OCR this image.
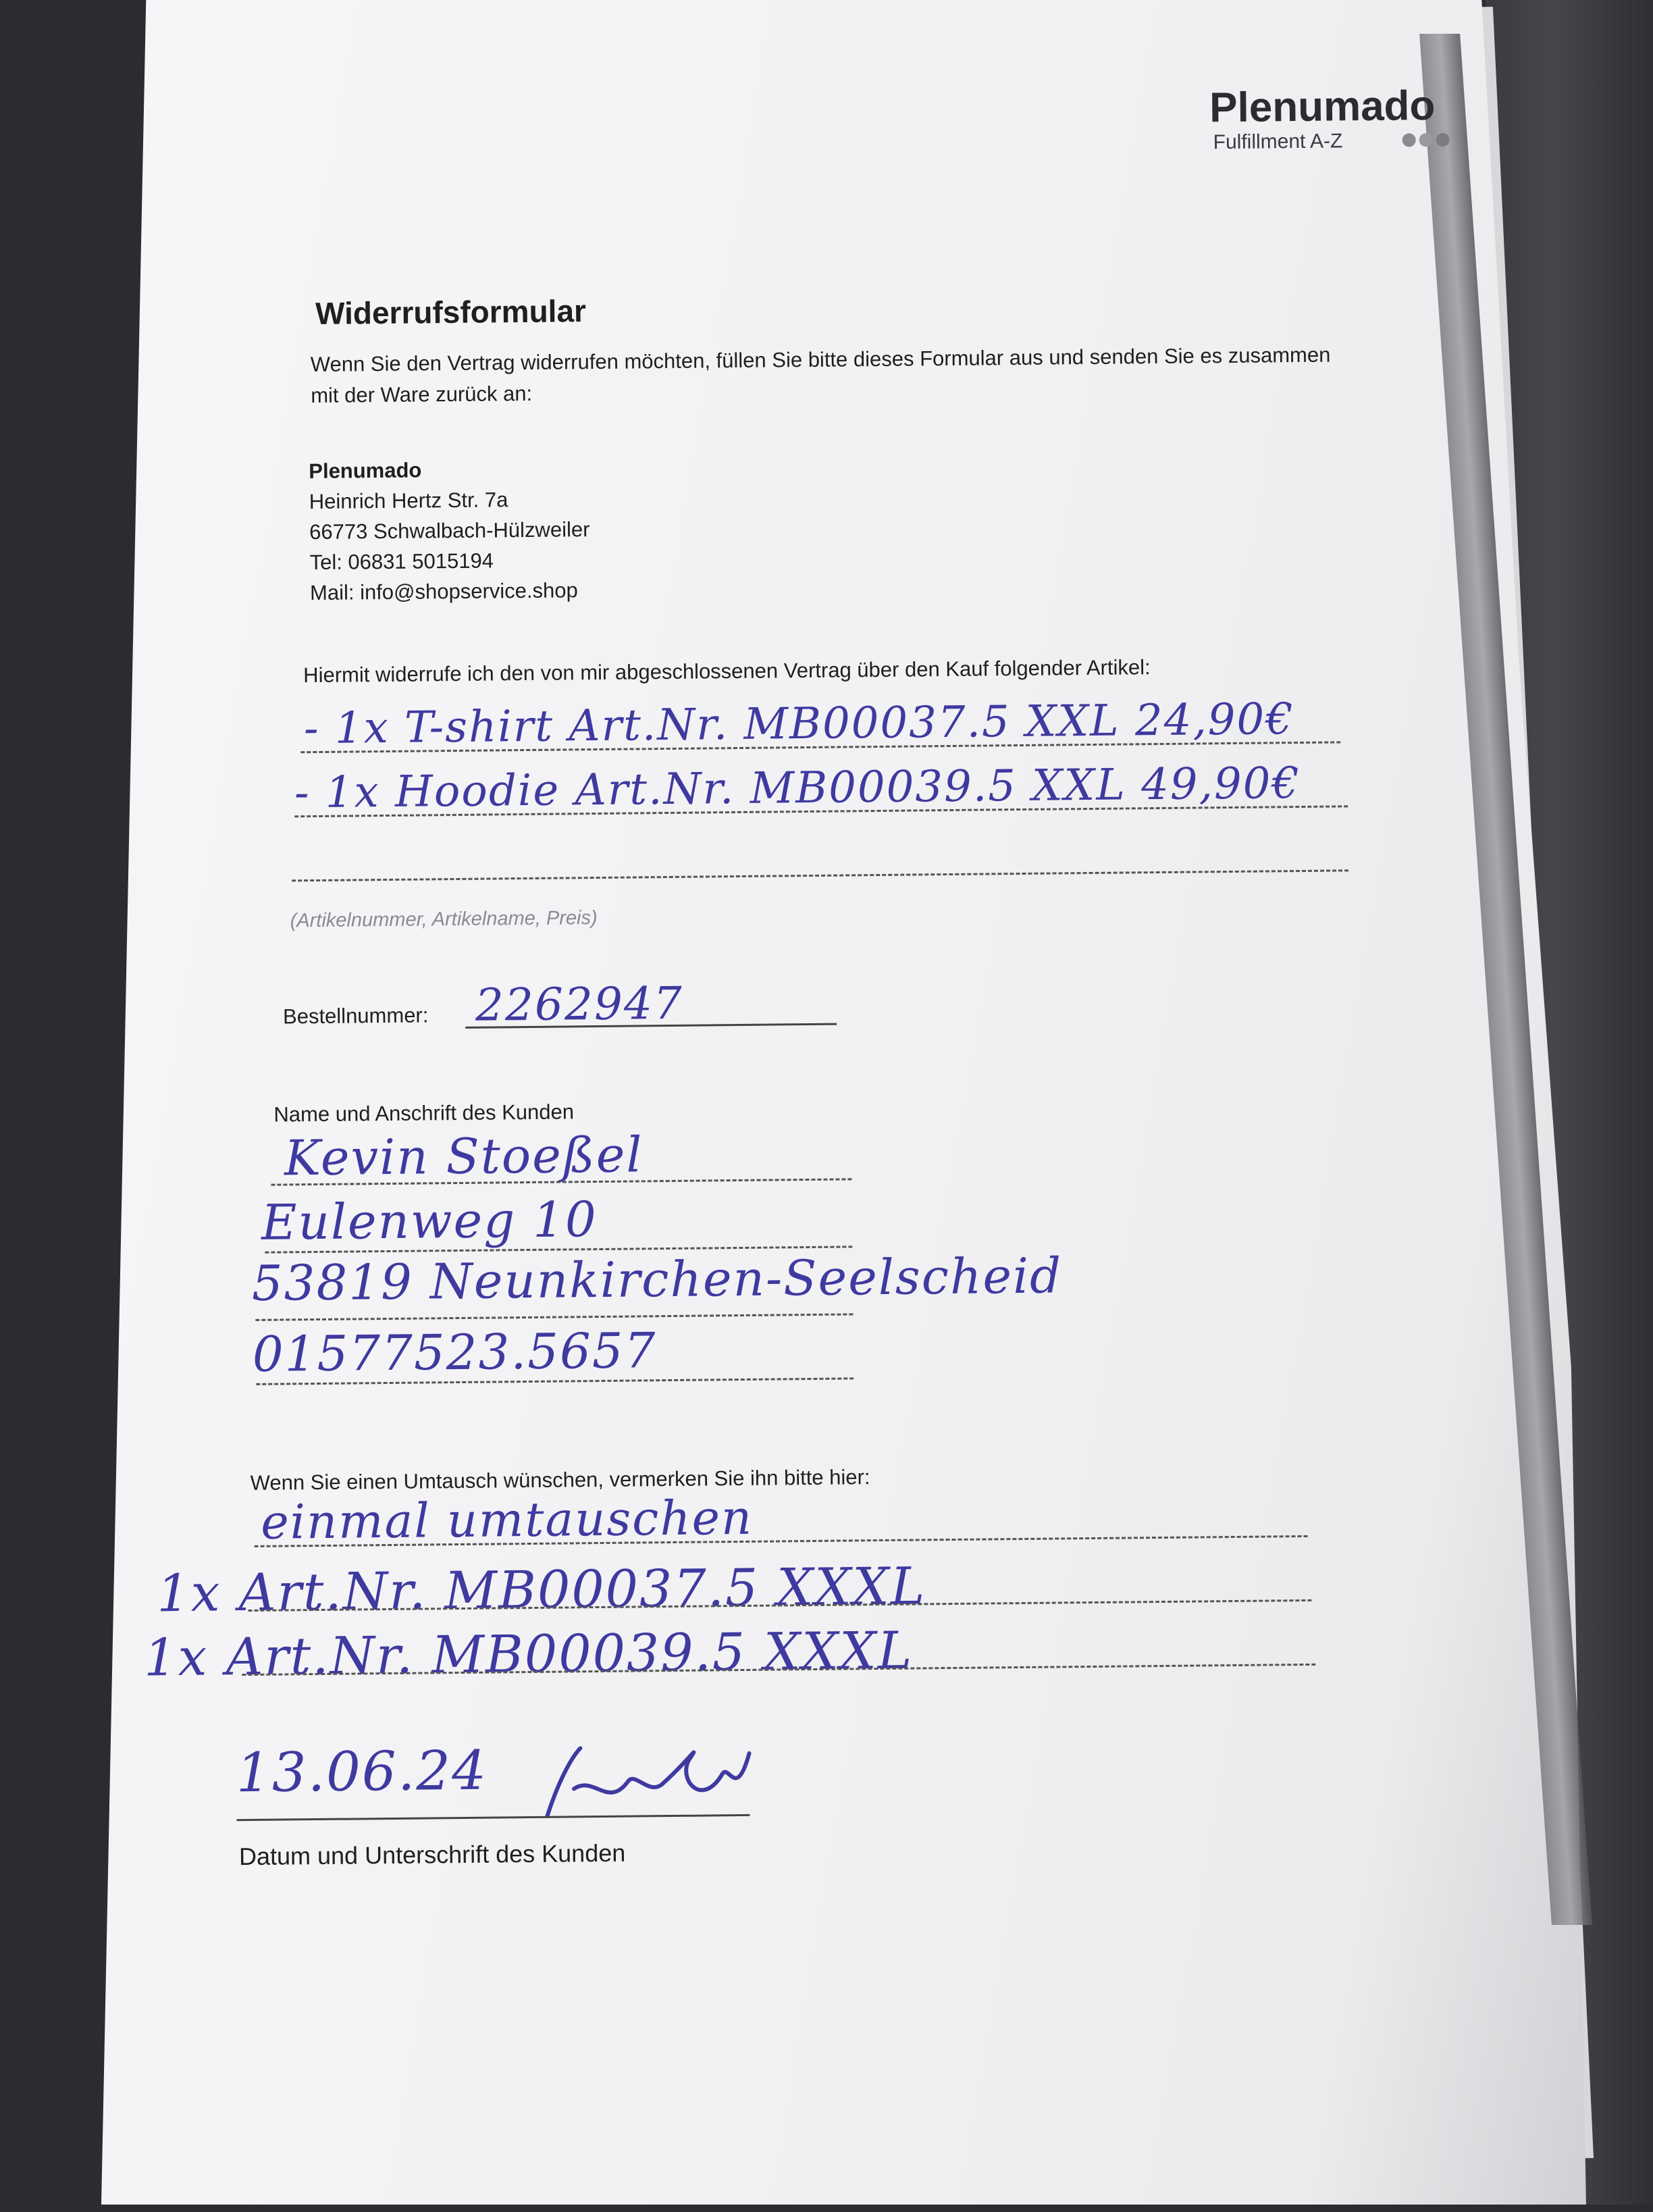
Plenumado
Fulfillment A-Z
Widerrufsformular
Wenn Sie den Vertrag widerrufen möchten, füllen Sie bitte dieses Formular aus und senden Sie es zusammen mit der Ware zurück an:
Plenumado
Heinrich Hertz Str. 7a
66773 Schwalbach-Hülzweiler
Tel: 06831 5015194
Mail: info@shopservice.shop
Hiermit widerrufe ich den von mir abgeschlossenen Vertrag über den Kauf folgender Artikel:
- 1x T-shirt Art.Nr. MB00037.5 XXL 24,90€
- 1x Hoodie Art.Nr. MB00039.5 XXL 49,90€
(Artikelnummer, Artikelname, Preis)
Bestellnummer: 2262947
Name und Anschrift des Kunden
Kevin Stoeßel
Eulenweg 10
53819 Neunkirchen-Seelscheid
01577523.5657
Wenn Sie einen Umtausch wünschen, vermerken Sie ihn bitte hier:
einmal umtauschen
1x Art.Nr. MB00037.5 XXXL
1x Art.Nr. MB00039.5 XXXL
13.06.24
Datum und Unterschrift des Kunden
